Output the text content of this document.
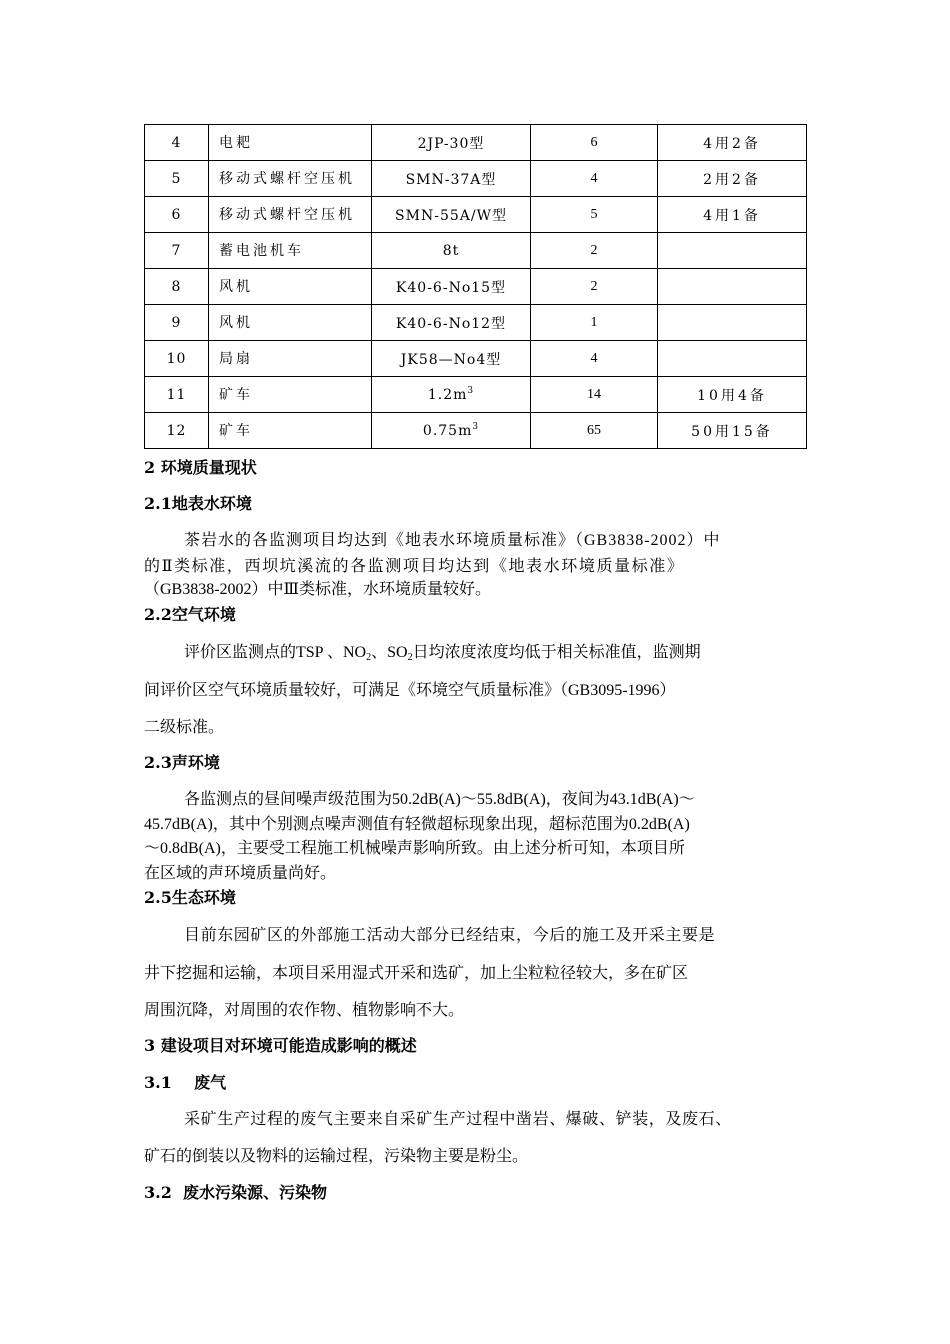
4	电耙	2JP-30型	6	4用2备
5	移动式螺杆空压机	SMN-37A型	4	2用2备
6	移动式螺杆空压机	SMN-55A/W型	5	4用1备
7	蓄电池机车	8t	2	
8	风机	K40-6-No15型	2	
9	风机	K40-6-No12型	1	
10	局扇	JK58—No4型	4	
11	矿车	$1.2m^3$	14	10用4备
12	矿车	$0.75m^3$	65	50用15备
2 环境质量现状
2.1地表水环境
茶岩水的各监测项目均达到《地表水环境质量标准》（GB3838-2002）中
的Ⅱ类标准，西坝坑溪流的各监测项目均达到《地表水环境质量标准》
（GB3838-2002）中Ⅲ类标准，水环境质量较好。
2.2空气环境
评价区监测点的TSP 、$NO_2$、$SO_2$日均浓度浓度均低于相关标准值，监测期
间评价区空气环境质量较好，可满足《环境空气质量标准》（GB3095-1996）
二级标准。
2.3声环境
各监测点的昼间噪声级范围为50.2dB(A)～55.8dB(A)，夜间为43.1dB(A)～
45.7dB(A)，其中个别测点噪声测值有轻微超标现象出现，超标范围为0.2dB(A)
～0.8dB(A)，主要受工程施工机械噪声影响所致。由上述分析可知，本项目所
在区域的声环境质量尚好。
2.5生态环境
目前东园矿区的外部施工活动大部分已经结束，今后的施工及开采主要是
井下挖掘和运输，本项目采用湿式开采和选矿，加上尘粒粒径较大，多在矿区
周围沉降，对周围的农作物、植物影响不大。
3 建设项目对环境可能造成影响的概述
3.1    废气
采矿生产过程的废气主要来自采矿生产过程中凿岩、爆破、铲装，及废石、
矿石的倒装以及物料的运输过程，污染物主要是粉尘。
3.2  废水污染源、污染物
